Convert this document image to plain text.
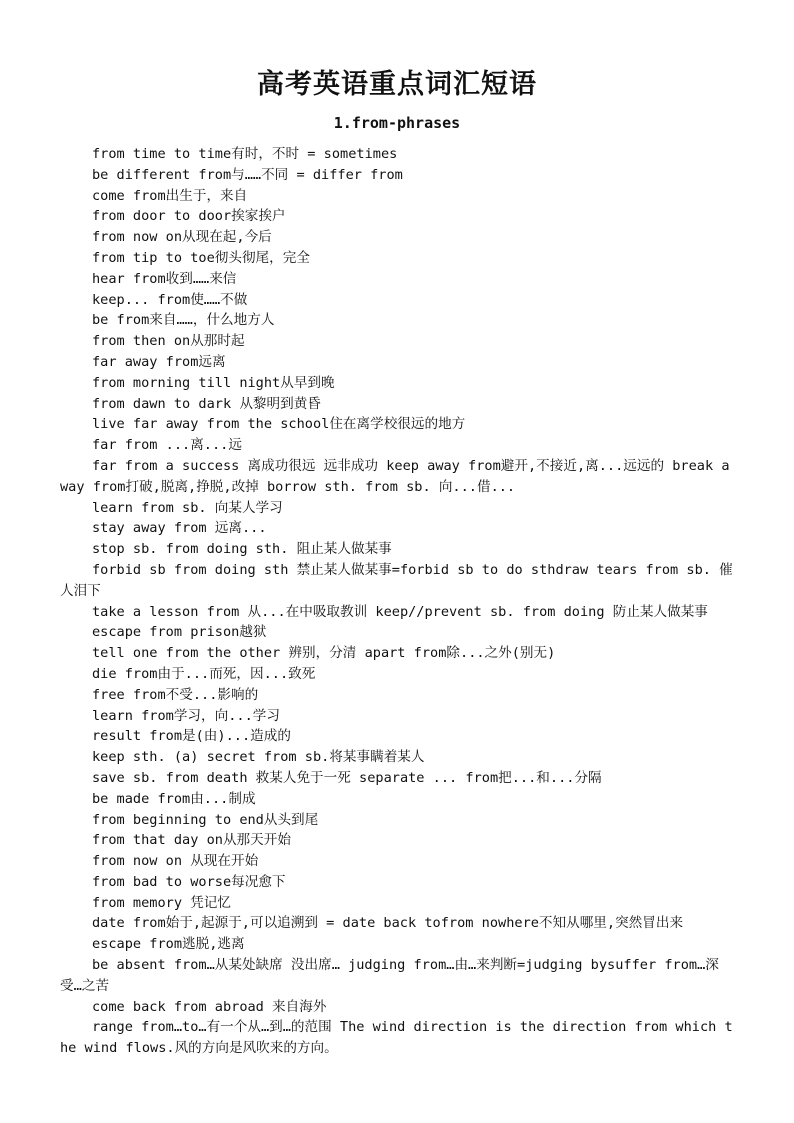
高考英语重点词汇短语
1.from-phrases

from time to time有时，不时 = sometimes

be different from与……不同 = differ from

come from出生于，来自

from door to door挨家挨户

from now on从现在起,今后

from tip to toe彻头彻尾，完全

hear from收到……来信

keep... from使……不做

be from来自……，什么地方人

from then on从那时起

far away from远离

from morning till night从早到晚

from dawn to dark 从黎明到黄昏

live far away from the school住在离学校很远的地方

far from ...离...远

far from a success 离成功很远 远非成功 keep away from避开,不接近,离...远远的 break away from打破,脱离,挣脱,改掉 borrow sth. from sb. 向...借...

learn from sb. 向某人学习

stay away from 远离...

stop sb. from doing sth. 阻止某人做某事

forbid sb from doing sth 禁止某人做某事=forbid sb to do sthdraw tears from sb. 催人泪下

take a lesson from 从...在中吸取教训 keep//prevent sb. from doing 防止某人做某事

escape from prison越狱

tell one from the other 辨别，分清 apart from除...之外(别无)

die from由于...而死，因...致死

free from不受...影响的

learn from学习，向...学习

result from是(由)...造成的

keep sth. (a) secret from sb.将某事瞒着某人

save sb. from death 救某人免于一死 separate ... from把...和...分隔

be made from由...制成

from beginning to end从头到尾

from that day on从那天开始

from now on 从现在开始

from bad to worse每况愈下

from memory 凭记忆

date from始于,起源于,可以追溯到 = date back tofrom nowhere不知从哪里,突然冒出来

escape from逃脱,逃离

be absent from…从某处缺席 没出席… judging from…由…来判断=judging bysuffer from…深受…之苦

come back from abroad 来自海外

range from…to…有一个从…到…的范围 The wind direction is the direction from which the wind flows.风的方向是风吹来的方向。
